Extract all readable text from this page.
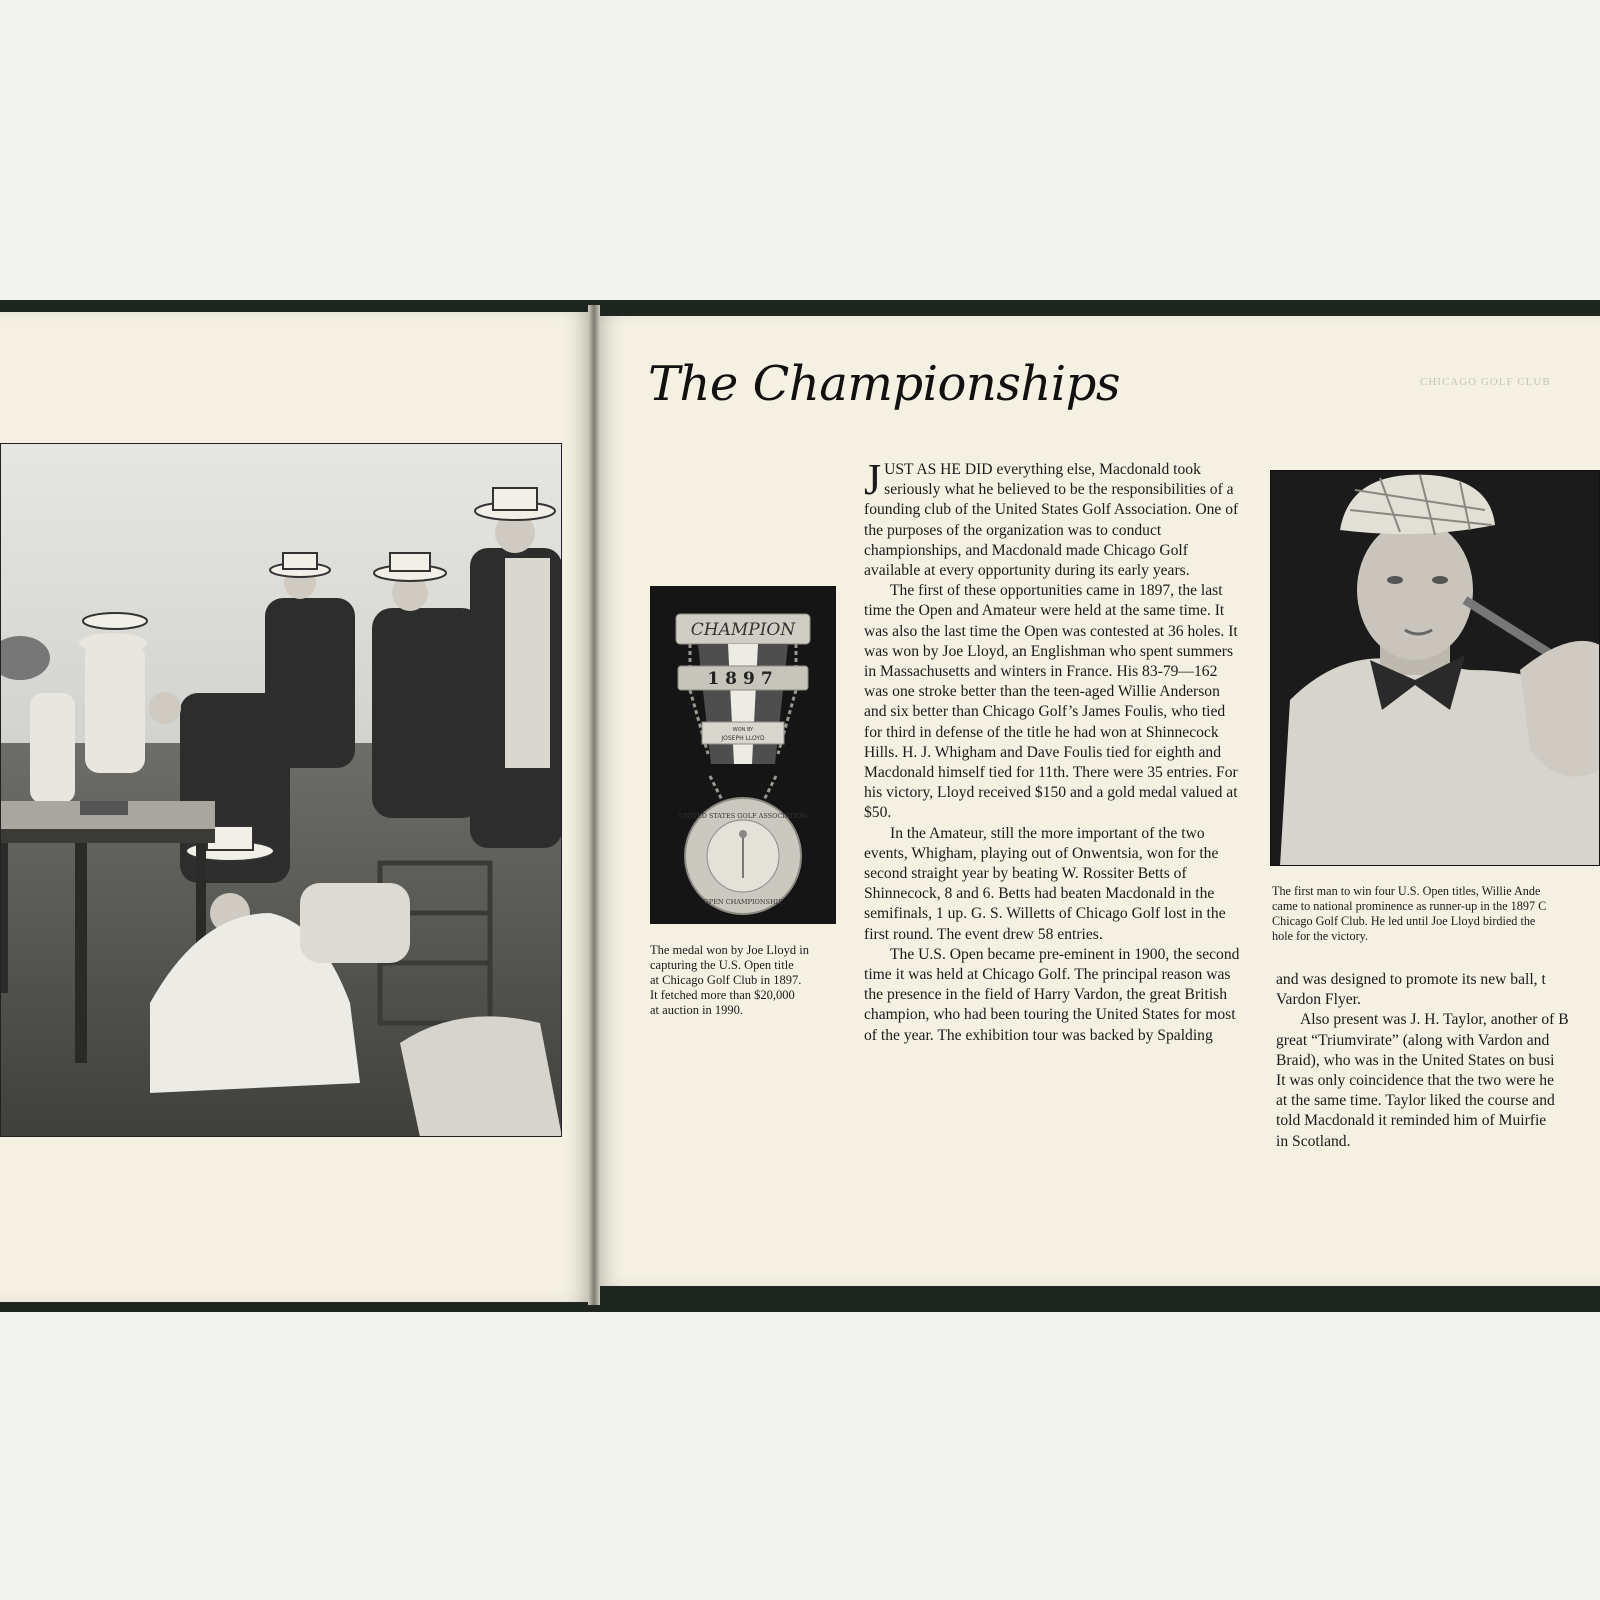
CHICAGO GOLF CLUB
The Championships
CHAMPION
1897
WON BY
JOSEPH LLOYD
UNITED STATES GOLF ASSOCIATION
OPEN CHAMPIONSHIP
The medal won by Joe Lloyd in
capturing the U.S. Open title
at Chicago Golf Club in 1897.
It fetched more than $20,000
at auction in 1990.

JUST AS HE DID everything else, Macdonald took seriously what he believed to be the responsibilities of a founding club of the United States Golf Association. One of the purposes of the organization was to conduct championships, and Macdonald made Chicago Golf available at every opportunity during its early years.

The first of these opportunities came in 1897, the last time the Open and Amateur were held at the same time. It was also the last time the Open was contested at 36 holes. It was won by Joe Lloyd, an Englishman who spent summers in Massachusetts and winters in France. His 83-79—162 was one stroke better than the teen-aged Willie Anderson and six better than Chicago Golf’s James Foulis, who tied for third in defense of the title he had won at Shinnecock Hills. H. J. Whigham and Dave Foulis tied for eighth and Macdonald himself tied for 11th. There were 35 entries. For his victory, Lloyd received $150 and a gold medal valued at $50.

In the Amateur, still the more important of the two events, Whigham, playing out of Onwentsia, won for the second straight year by beating W. Rossiter Betts of Shinnecock, 8 and 6. Betts had beaten Macdonald in the semifinals, 1 up. G. S. Willetts of Chicago Golf lost in the first round. The event drew 58 entries.

The U.S. Open became pre-eminent in 1900, the second time it was held at Chicago Golf. The principal reason was the presence in the field of Harry Vardon, the great British champion, who had been touring the United States for most of the year. The exhibition tour was backed by Spalding

The first man to win four U.S. Open titles, Willie Ande
came to national prominence as runner-up in the 1897 C
Chicago Golf Club. He led until Joe Lloyd birdied the
hole for the victory.

and was designed to promote its new ball, t

Vardon Flyer.

Also present was J. H. Taylor, another of B

great “Triumvirate” (along with Vardon and

Braid), who was in the United States on busi

It was only coincidence that the two were he

at the same time. Taylor liked the course and

told Macdonald it reminded him of Muirfie

in Scotland.
